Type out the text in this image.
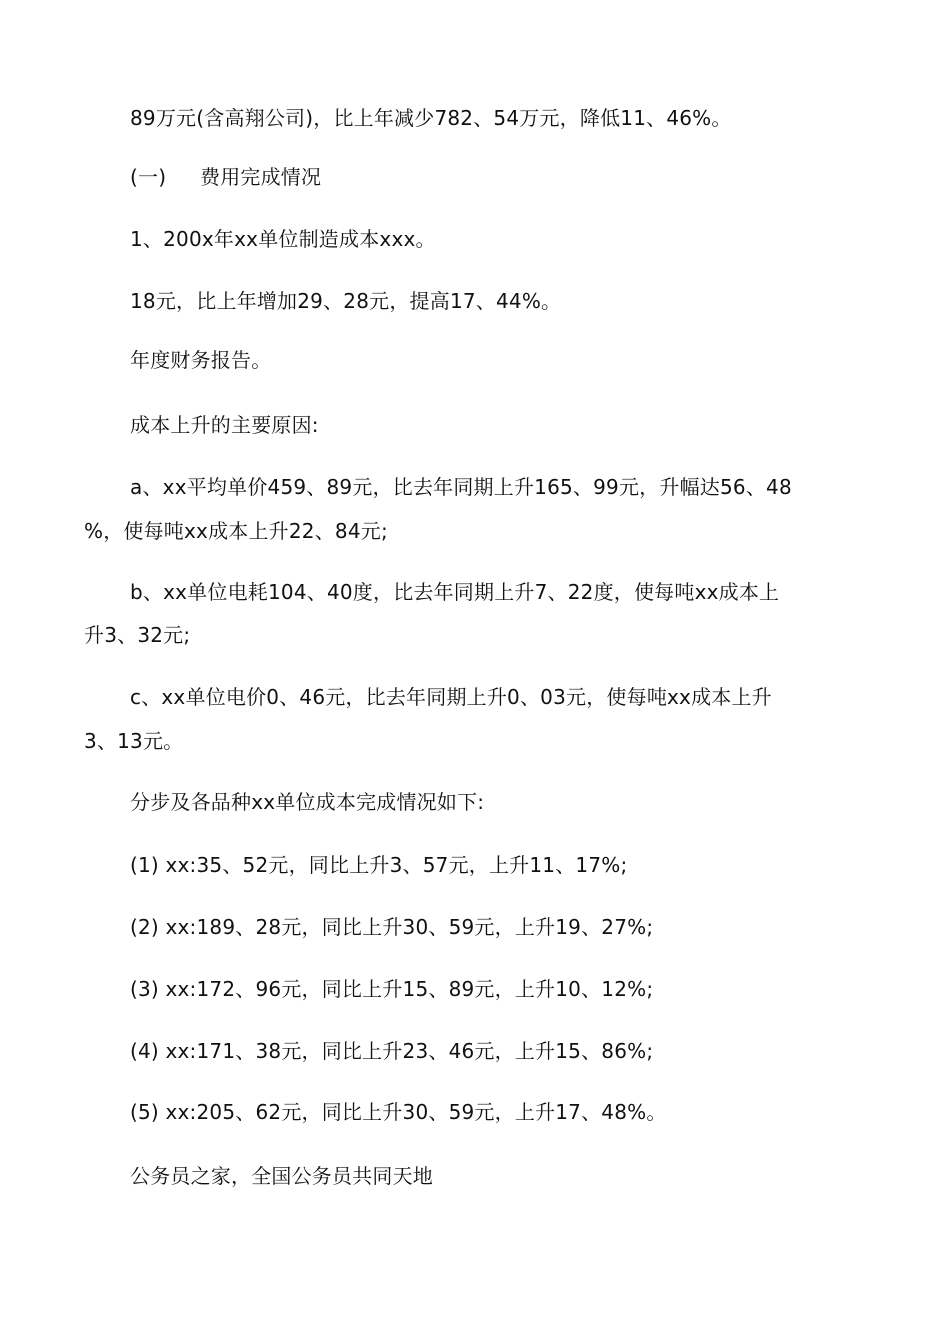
89万元(含高翔公司)，比上年减少782、54万元，降低11、46%。
(一) 费用完成情况
1、200x年xx单位制造成本xxx。
18元，比上年增加29、28元，提高17、44%。
年度财务报告。
成本上升的主要原因:
a、xx平均单价459、89元，比去年同期上升165、99元，升幅达56、48
%，使每吨xx成本上升22、84元;
b、xx单位电耗104、40度，比去年同期上升7、22度，使每吨xx成本上
升3、32元;
c、xx单位电价0、46元，比去年同期上升0、03元，使每吨xx成本上升
3、13元。
分步及各品种xx单位成本完成情况如下:
(1) xx:35、52元，同比上升3、57元，上升11、17%;
(2) xx:189、28元，同比上升30、59元，上升19、27%;
(3) xx:172、96元，同比上升15、89元，上升10、12%;
(4) xx:171、38元，同比上升23、46元，上升15、86%;
(5) xx:205、62元，同比上升30、59元，上升17、48%。
公务员之家，全国公务员共同天地
